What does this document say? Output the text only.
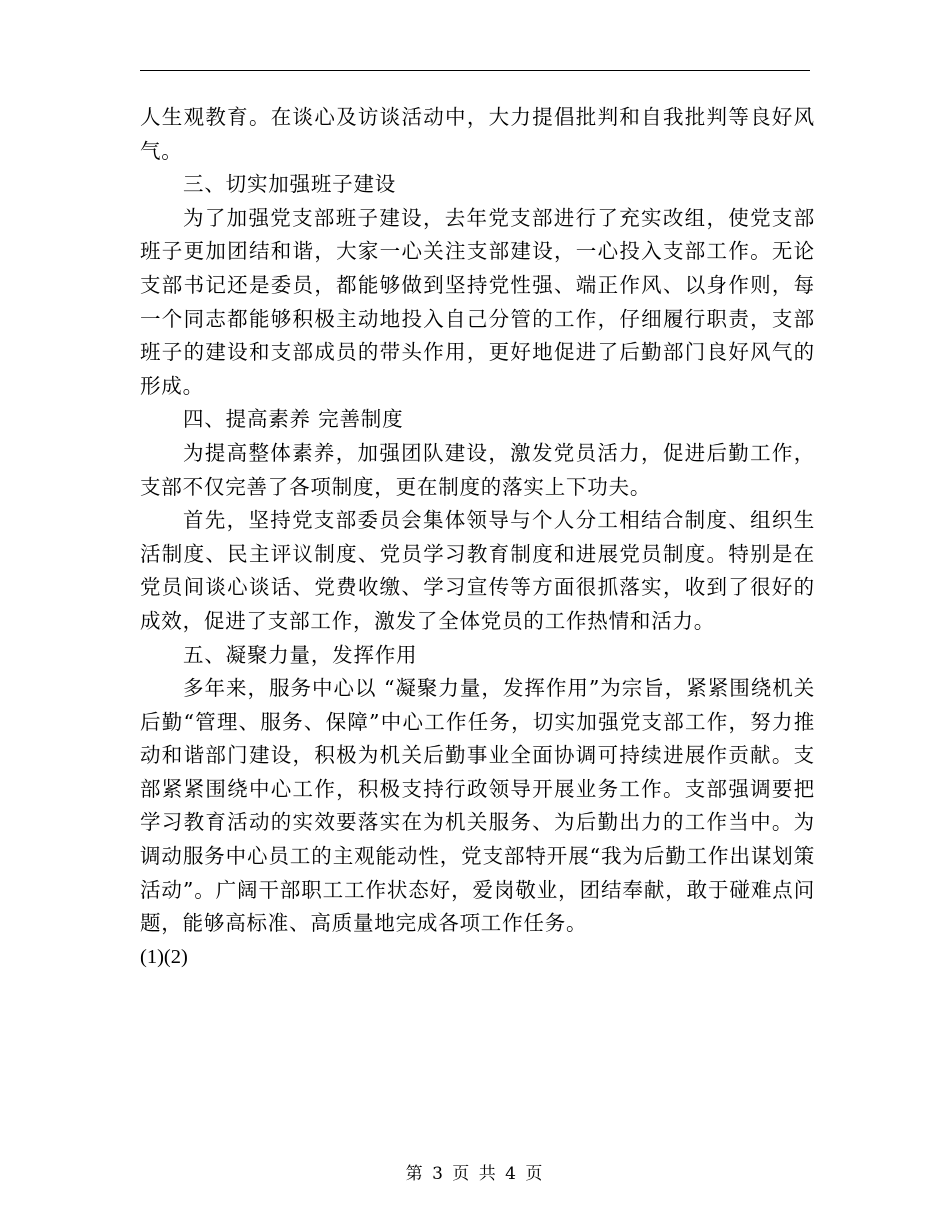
人生观教育。在谈心及访谈活动中，大力提倡批判和自我批判等良好风气。

三、切实加强班子建设

为了加强党支部班子建设，去年党支部进行了充实改组，使党支部班子更加团结和谐，大家一心关注支部建设，一心投入支部工作。无论支部书记还是委员，都能够做到坚持党性强、端正作风、以身作则，每一个同志都能够积极主动地投入自己分管的工作，仔细履行职责，支部班子的建设和支部成员的带头作用，更好地促进了后勤部门良好风气的形成。

四、提高素养 完善制度

为提高整体素养，加强团队建设，激发党员活力，促进后勤工作，支部不仅完善了各项制度，更在制度的落实上下功夫。

首先，坚持党支部委员会集体领导与个人分工相结合制度、组织生活制度、民主评议制度、党员学习教育制度和进展党员制度。特别是在党员间谈心谈话、党费收缴、学习宣传等方面很抓落实，收到了很好的成效，促进了支部工作，激发了全体党员的工作热情和活力。

五、凝聚力量，发挥作用

多年来，服务中心以 “凝聚力量，发挥作用”为宗旨，紧紧围绕机关后勤“管理、服务、保障”中心工作任务，切实加强党支部工作，努力推动和谐部门建设，积极为机关后勤事业全面协调可持续进展作贡献。支部紧紧围绕中心工作，积极支持行政领导开展业务工作。支部强调要把学习教育活动的实效要落实在为机关服务、为后勤出力的工作当中。为调动服务中心员工的主观能动性，党支部特开展“我为后勤工作出谋划策活动”。广阔干部职工工作状态好，爱岗敬业，团结奉献，敢于碰难点问题，能够高标准、高质量地完成各项工作任务。

(1)(2)

第 3 页 共 4 页
